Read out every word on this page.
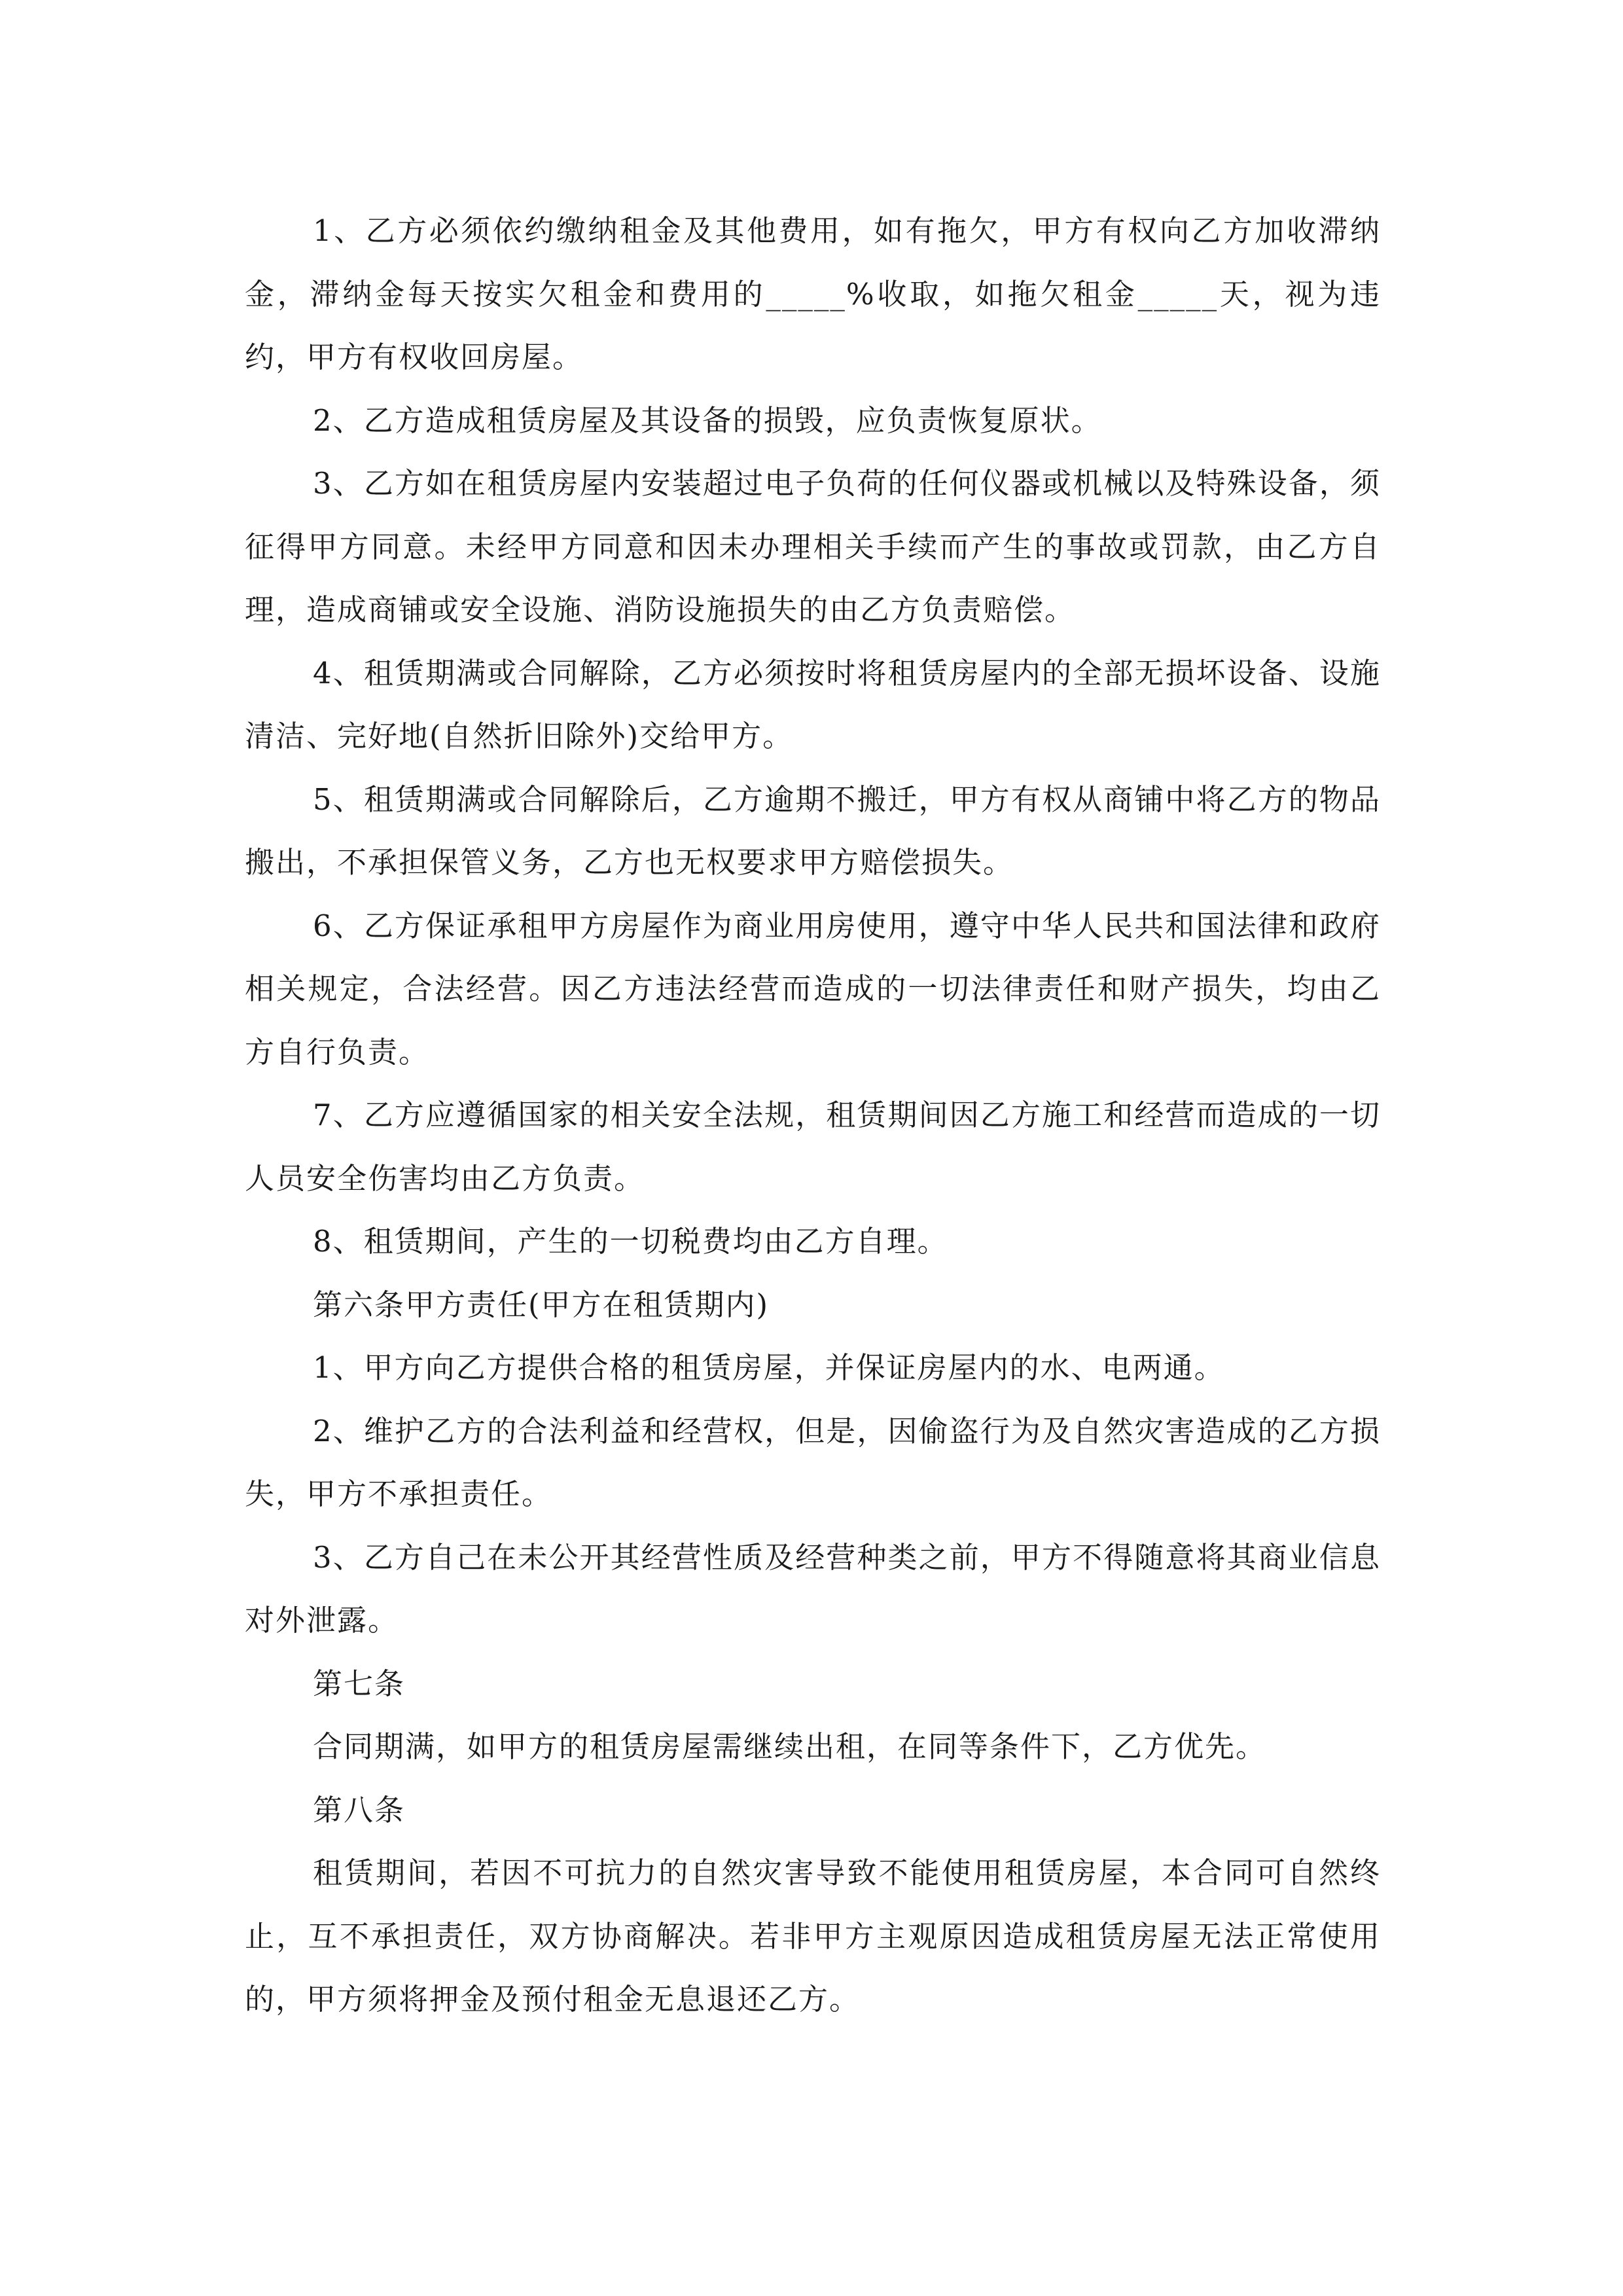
1、乙方必须依约缴纳租金及其他费用，如有拖欠，甲方有权向乙方加收滞纳金，滞纳金每天按实欠租金和费用的_____%收取，如拖欠租金_____天，视为违约，甲方有权收回房屋。

2、乙方造成租赁房屋及其设备的损毁，应负责恢复原状。

3、乙方如在租赁房屋内安装超过电子负荷的任何仪器或机械以及特殊设备，须征得甲方同意。未经甲方同意和因未办理相关手续而产生的事故或罚款，由乙方自理，造成商铺或安全设施、消防设施损失的由乙方负责赔偿。

4、租赁期满或合同解除，乙方必须按时将租赁房屋内的全部无损坏设备、设施清洁、完好地(自然折旧除外)交给甲方。

5、租赁期满或合同解除后，乙方逾期不搬迁，甲方有权从商铺中将乙方的物品搬出，不承担保管义务，乙方也无权要求甲方赔偿损失。

6、乙方保证承租甲方房屋作为商业用房使用，遵守中华人民共和国法律和政府相关规定，合法经营。因乙方违法经营而造成的一切法律责任和财产损失，均由乙方自行负责。

7、乙方应遵循国家的相关安全法规，租赁期间因乙方施工和经营而造成的一切人员安全伤害均由乙方负责。

8、租赁期间，产生的一切税费均由乙方自理。

第六条甲方责任(甲方在租赁期内)

1、甲方向乙方提供合格的租赁房屋，并保证房屋内的水、电两通。

2、维护乙方的合法利益和经营权，但是，因偷盗行为及自然灾害造成的乙方损失，甲方不承担责任。

3、乙方自己在未公开其经营性质及经营种类之前，甲方不得随意将其商业信息对外泄露。

第七条

合同期满，如甲方的租赁房屋需继续出租，在同等条件下，乙方优先。

第八条

租赁期间，若因不可抗力的自然灾害导致不能使用租赁房屋，本合同可自然终止，互不承担责任，双方协商解决。若非甲方主观原因造成租赁房屋无法正常使用的，甲方须将押金及预付租金无息退还乙方。
